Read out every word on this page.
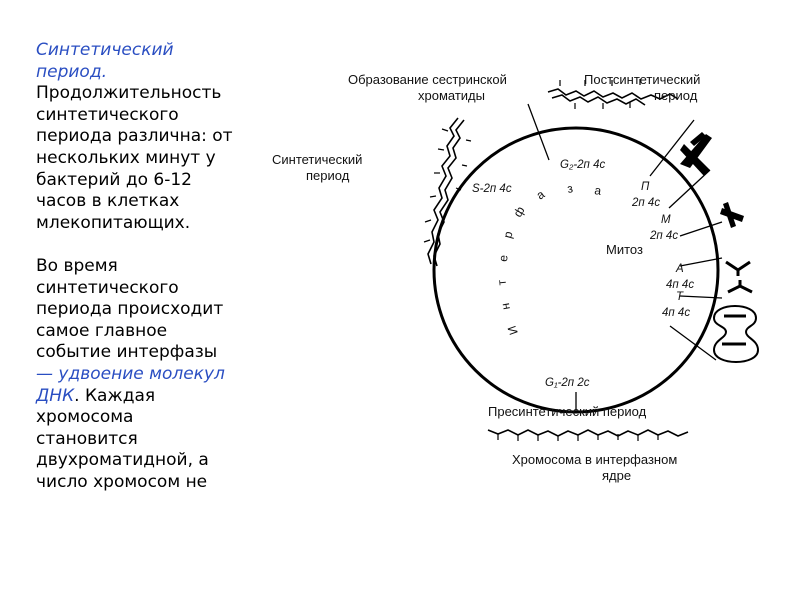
Синтетический
период.

Продолжительность
синтетического
периода различна: от
нескольких минут у
бактерий до 6-12
часов в клетках
млекопитающих.

Во время
синтетического
периода происходит
самое главное
событие интерфазы
— удвоение молекул
ДНК. Каждая
хромосома
становится
двухроматидной, а
число хромосом не

Образование сестринской
хроматиды
Постсинтетический
период
Синтетический
период
S-2п 4с
G₂-2п 4с
П
2п 4с
М
2п 4с
А
4п 4с
Т
4п 4с
Митоз
G₁-2п 2с
И
н
т
е
р
ф
а з а
Пресинтетический период
Хромосома в интерфазном
ядре
